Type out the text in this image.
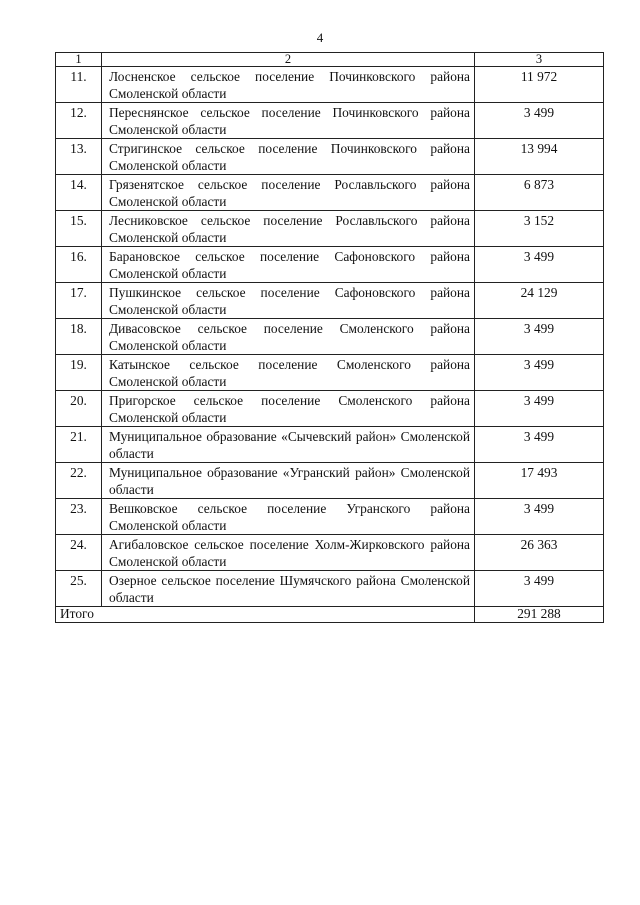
4
1	2	3
11.	Лосненское сельское поселение Починковского района Смоленской области	11 972
12.	Переснянское сельское поселение Починковского района Смоленской области	3 499
13.	Стригинское сельское поселение Починковского района Смоленской области	13 994
14.	Грязенятское сельское поселение Рославльского района Смоленской области	6 873
15.	Лесниковское сельское поселение Рославльского района Смоленской области	3 152
16.	Барановское сельское поселение Сафоновского района Смоленской области	3 499
17.	Пушкинское сельское поселение Сафоновского района Смоленской области	24 129
18.	Дивасовское сельское поселение Смоленского района Смоленской области	3 499
19.	Катынское сельское поселение Смоленского района Смоленской области	3 499
20.	Пригорское сельское поселение Смоленского района Смоленской области	3 499
21.	Муниципальное образование «Сычевский район» Смоленской области	3 499
22.	Муниципальное образование «Угранский район» Смоленской области	17 493
23.	Вешковское сельское поселение Угранского района Смоленской области	3 499
24.	Агибаловское сельское поселение Холм-Жирковского района Смоленской области	26 363
25.	Озерное сельское поселение Шумячского района Смоленской области	3 499
Итого		291 288
